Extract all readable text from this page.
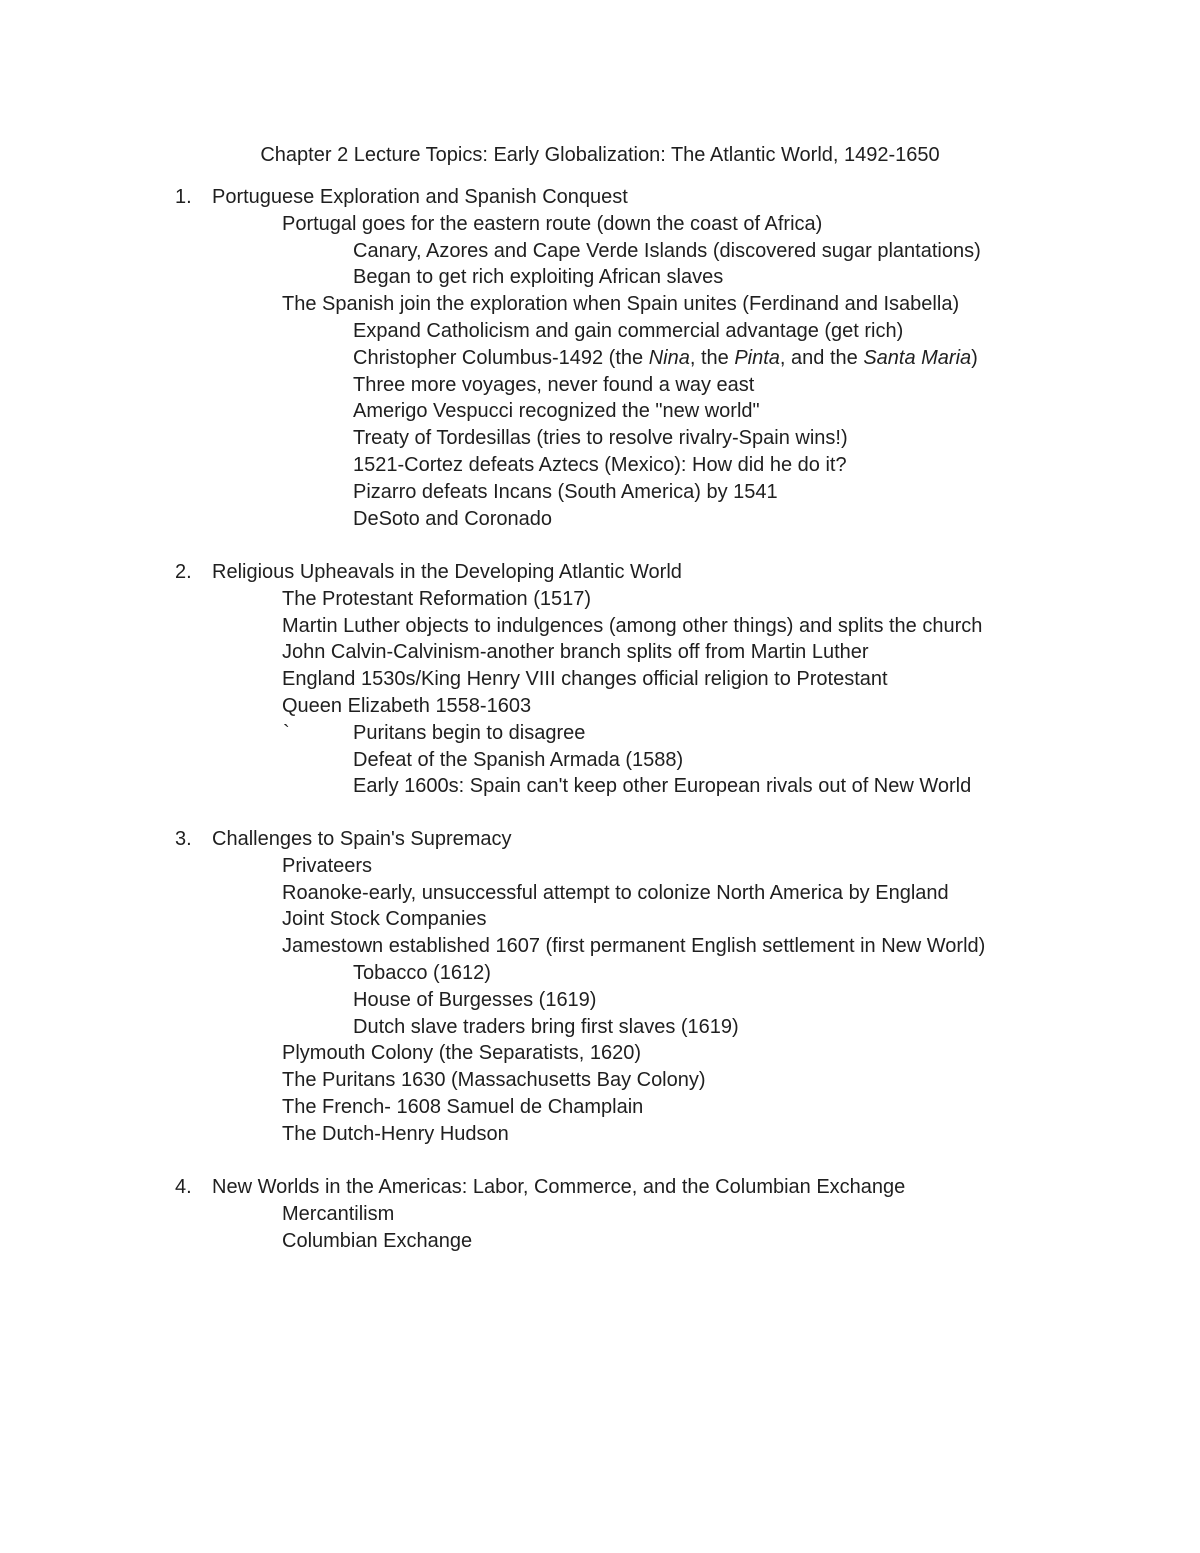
Chapter 2 Lecture Topics: Early Globalization: The Atlantic World, 1492-1650
1. Portuguese Exploration and Spanish Conquest
Portugal goes for the eastern route (down the coast of Africa)
Canary, Azores and Cape Verde Islands (discovered sugar plantations)
Began to get rich exploiting African slaves
The Spanish join the exploration when Spain unites (Ferdinand and Isabella)
Expand Catholicism and gain commercial advantage (get rich)
Christopher Columbus-1492 (the Nina, the Pinta, and the Santa Maria)
Three more voyages, never found a way east
Amerigo Vespucci recognized the "new world"
Treaty of Tordesillas (tries to resolve rivalry-Spain wins!)
1521-Cortez defeats Aztecs (Mexico): How did he do it?
Pizarro defeats Incans (South America) by 1541
DeSoto and Coronado
2. Religious Upheavals in the Developing Atlantic World
The Protestant Reformation (1517)
Martin Luther objects to indulgences (among other things) and splits the church
John Calvin-Calvinism-another branch splits off from Martin Luther
England 1530s/King Henry VIII changes official religion to Protestant
Queen Elizabeth 1558-1603
`	Puritans begin to disagree
Defeat of the Spanish Armada (1588)
Early 1600s: Spain can't keep other European rivals out of New World
3. Challenges to Spain's Supremacy
Privateers
Roanoke-early, unsuccessful attempt to colonize North America by England
Joint Stock Companies
Jamestown established 1607 (first permanent English settlement in New World)
Tobacco (1612)
House of Burgesses (1619)
Dutch slave traders bring first slaves (1619)
Plymouth Colony (the Separatists, 1620)
The Puritans 1630 (Massachusetts Bay Colony)
The French- 1608 Samuel de Champlain
The Dutch-Henry Hudson
4. New Worlds in the Americas: Labor, Commerce, and the Columbian Exchange
Mercantilism
Columbian Exchange
